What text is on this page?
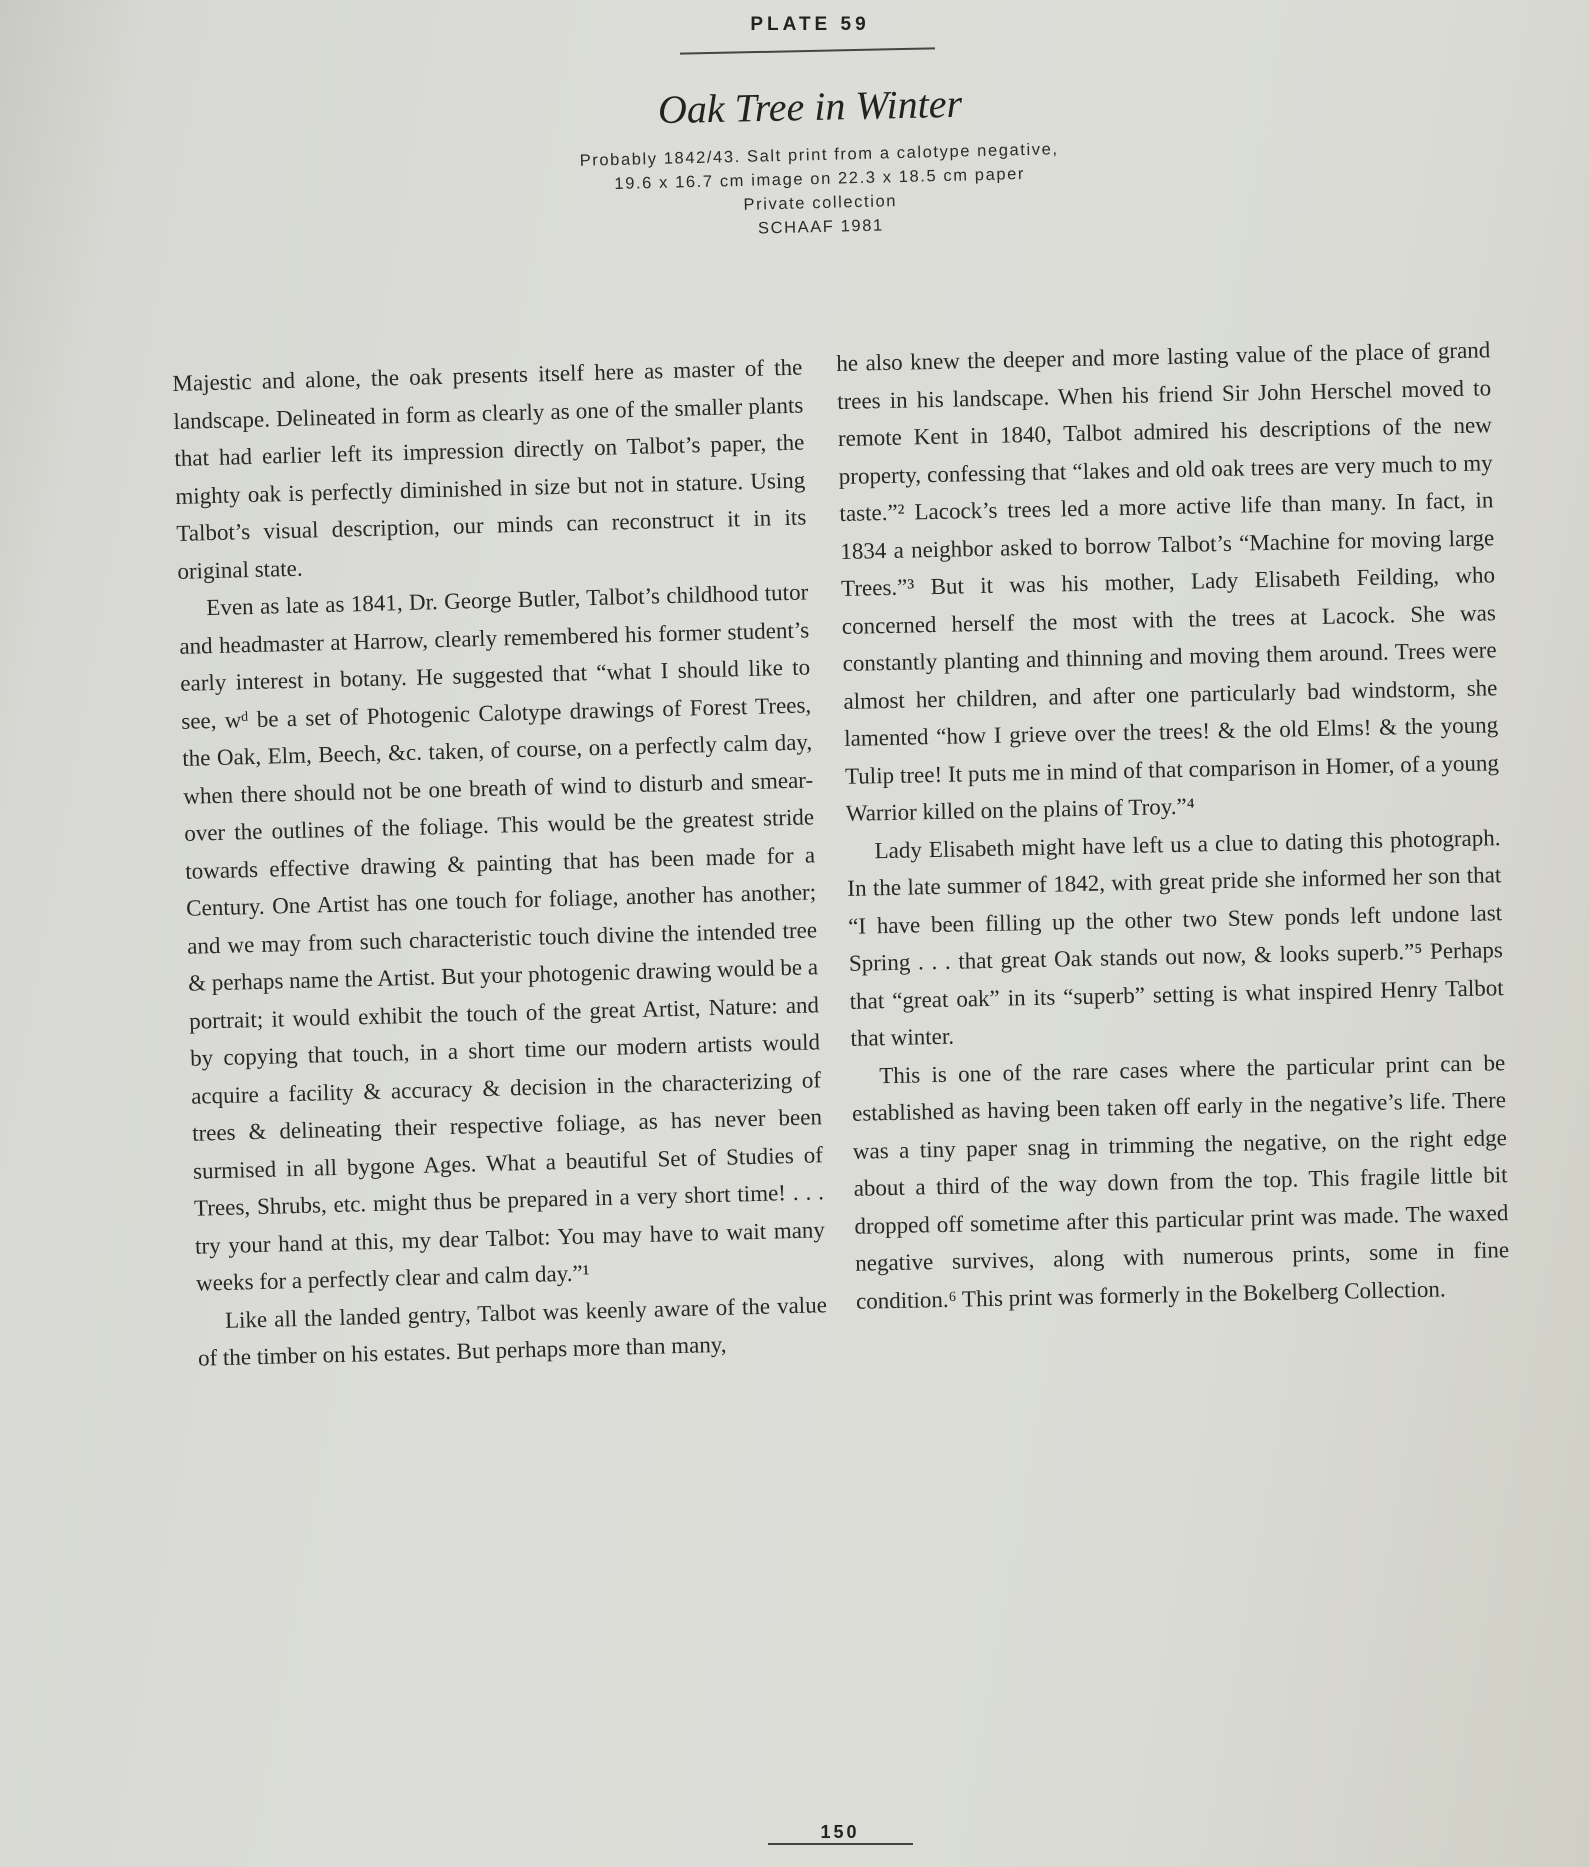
PLATE 59
Oak Tree in Winter
Probably 1842/43. Salt print from a calotype negative,
19.6 x 16.7 cm image on 22.3 x 18.5 cm paper
Private collection
SCHAAF 1981

Majestic and alone, the oak presents itself here as master of the landscape. Delineated in form as clearly as one of the smaller plants that had earlier left its impression directly on Talbot’s paper, the mighty oak is perfectly diminished in size but not in stature. Using Talbot’s visual description, our minds can reconstruct it in its original state.

Even as late as 1841, Dr. George Butler, Talbot’s childhood tutor and headmaster at Harrow, clearly remembered his former student’s early interest in botany. He suggested that “what I should like to see, wᵈ be a set of Photogenic Calotype drawings of Forest Trees, the Oak, Elm, Beech, &c. taken, of course, on a perfectly calm day, when there should not be one breath of wind to disturb and smear-over the outlines of the foliage. This would be the greatest stride towards effective drawing & painting that has been made for a Century. One Artist has one touch for foliage, another has another; and we may from such characteristic touch divine the intended tree & perhaps name the Artist. But your photogenic drawing would be a portrait; it would exhibit the touch of the great Artist, Nature: and by copying that touch, in a short time our modern artists would acquire a facility & accuracy & decision in the characterizing of trees & delineating their respective foliage, as has never been surmised in all bygone Ages. What a beautiful Set of Studies of Trees, Shrubs, etc. might thus be prepared in a very short time! . . . try your hand at this, my dear Talbot: You may have to wait many weeks for a perfectly clear and calm day.”¹

Like all the landed gentry, Talbot was keenly aware of the value of the timber on his estates. But perhaps more than many,

he also knew the deeper and more lasting value of the place of grand trees in his landscape. When his friend Sir John Herschel moved to remote Kent in 1840, Talbot admired his descriptions of the new property, confessing that “lakes and old oak trees are very much to my taste.”² Lacock’s trees led a more active life than many. In fact, in 1834 a neighbor asked to borrow Talbot’s “Machine for moving large Trees.”³ But it was his mother, Lady Elisabeth Feilding, who concerned herself the most with the trees at Lacock. She was constantly planting and thinning and moving them around. Trees were almost her children, and after one particularly bad windstorm, she lamented “how I grieve over the trees! & the old Elms! & the young Tulip tree! It puts me in mind of that comparison in Homer, of a young Warrior killed on the plains of Troy.”⁴

Lady Elisabeth might have left us a clue to dating this photograph. In the late summer of 1842, with great pride she informed her son that “I have been filling up the other two Stew ponds left undone last Spring . . . that great Oak stands out now, & looks superb.”⁵ Perhaps that “great oak” in its “superb” setting is what inspired Henry Talbot that winter.

This is one of the rare cases where the particular print can be established as having been taken off early in the negative’s life. There was a tiny paper snag in trimming the negative, on the right edge about a third of the way down from the top. This fragile little bit dropped off sometime after this particular print was made. The waxed negative survives, along with numerous prints, some in fine condition.⁶ This print was formerly in the Bokelberg Collection.

150
